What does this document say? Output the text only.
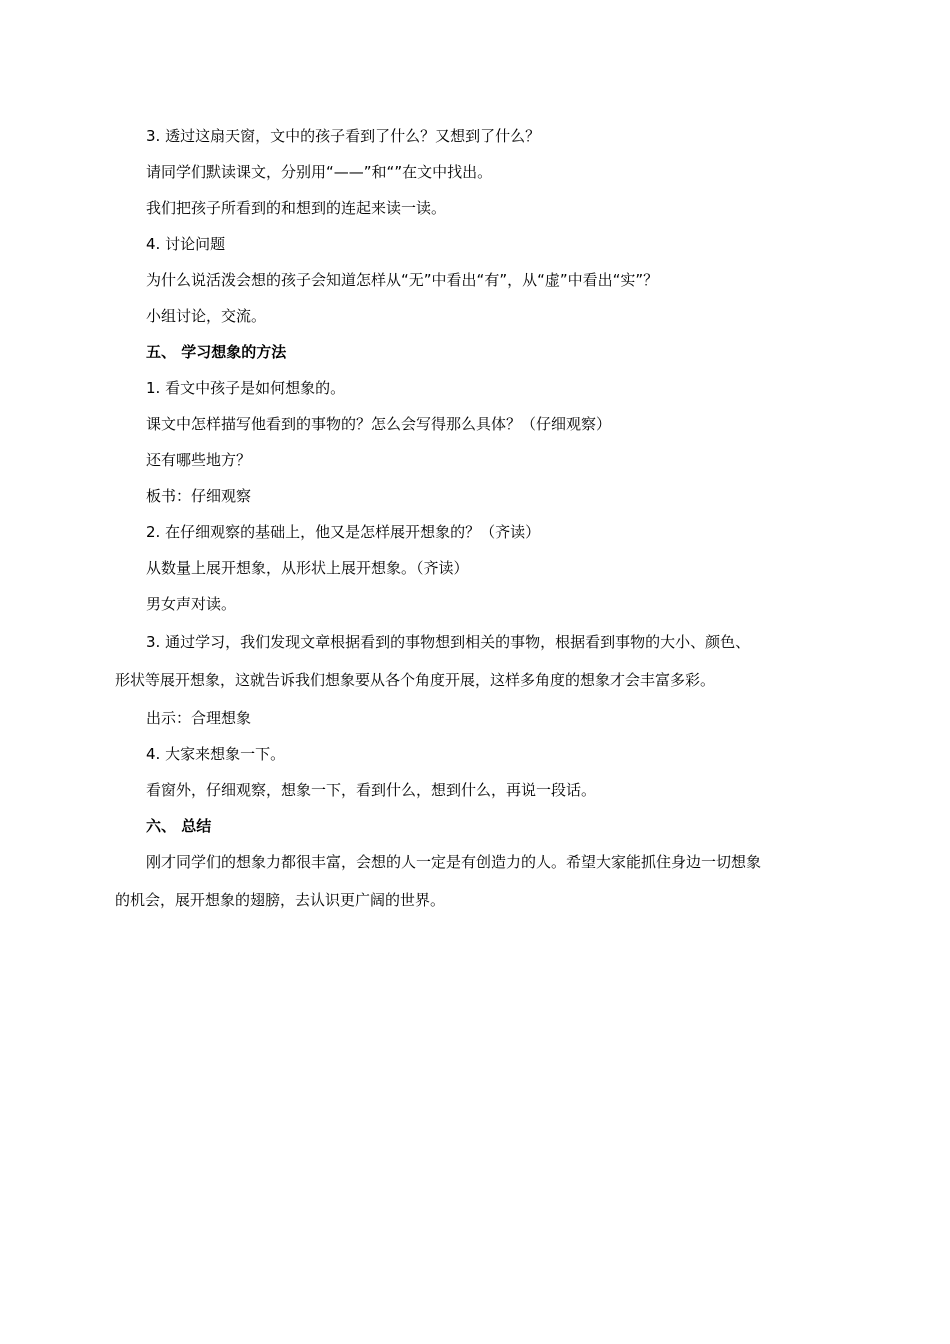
3. 透过这扇天窗，文中的孩子看到了什么？又想到了什么？
请同学们默读课文，分别用“——”和“”在文中找出。
我们把孩子所看到的和想到的连起来读一读。
4. 讨论问题
为什么说活泼会想的孩子会知道怎样从“无”中看出“有”，从“虚”中看出“实”？
小组讨论，交流。
五、 学习想象的方法
1. 看文中孩子是如何想象的。
课文中怎样描写他看到的事物的？怎么会写得那么具体？（仔细观察）
还有哪些地方？
板书：仔细观察
2. 在仔细观察的基础上，他又是怎样展开想象的？（齐读）
从数量上展开想象，从形状上展开想象。（齐读）
男女声对读。
3. 通过学习，我们发现文章根据看到的事物想到相关的事物，根据看到事物的大小、颜色、
形状等展开想象，这就告诉我们想象要从各个角度开展，这样多角度的想象才会丰富多彩。
出示：合理想象
4. 大家来想象一下。
看窗外，仔细观察，想象一下，看到什么，想到什么，再说一段话。
六、 总结
刚才同学们的想象力都很丰富，会想的人一定是有创造力的人。希望大家能抓住身边一切想象
的机会，展开想象的翅膀，去认识更广阔的世界。
